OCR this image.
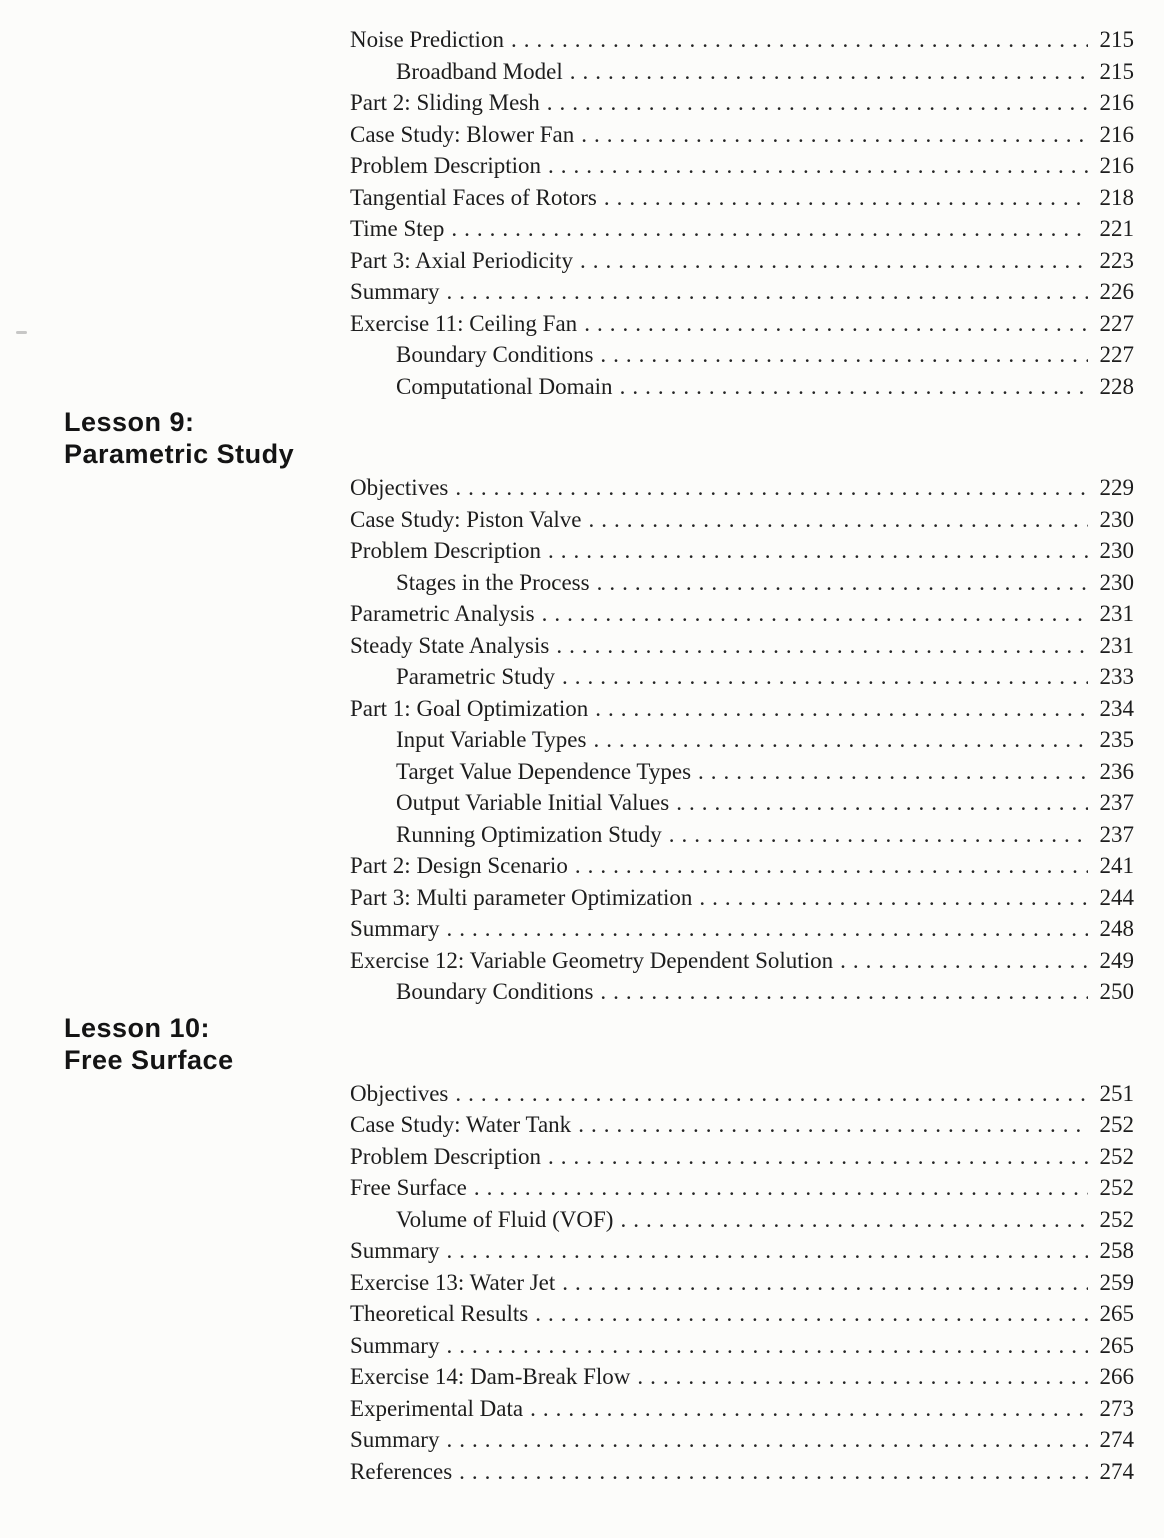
Noise Prediction .....	215
Broadband Model .....	215
Part 2: Sliding Mesh .....	216
Case Study: Blower Fan .....	216
Problem Description .....	216
Tangential Faces of Rotors .....	218
Time Step .....	221
Part 3: Axial Periodicity .....	223
Summary .....	226
Exercise 11: Ceiling Fan .....	227
Boundary Conditions .....	227
Computational Domain .....	228
Lesson 9:
Parametric Study
Objectives .....	229
Case Study: Piston Valve .....	230
Problem Description .....	230
Stages in the Process .....	230
Parametric Analysis .....	231
Steady State Analysis .....	231
Parametric Study .....	233
Part 1: Goal Optimization .....	234
Input Variable Types .....	235
Target Value Dependence Types .....	236
Output Variable Initial Values .....	237
Running Optimization Study .....	237
Part 2: Design Scenario .....	241
Part 3: Multi parameter Optimization .....	244
Summary .....	248
Exercise 12: Variable Geometry Dependent Solution .....	249
Boundary Conditions .....	250
Lesson 10:
Free Surface
Objectives .....	251
Case Study: Water Tank .....	252
Problem Description .....	252
Free Surface .....	252
Volume of Fluid (VOF) .....	252
Summary .....	258
Exercise 13: Water Jet .....	259
Theoretical Results .....	265
Summary .....	265
Exercise 14: Dam-Break Flow .....	266
Experimental Data .....	273
Summary .....	274
References .....	274
